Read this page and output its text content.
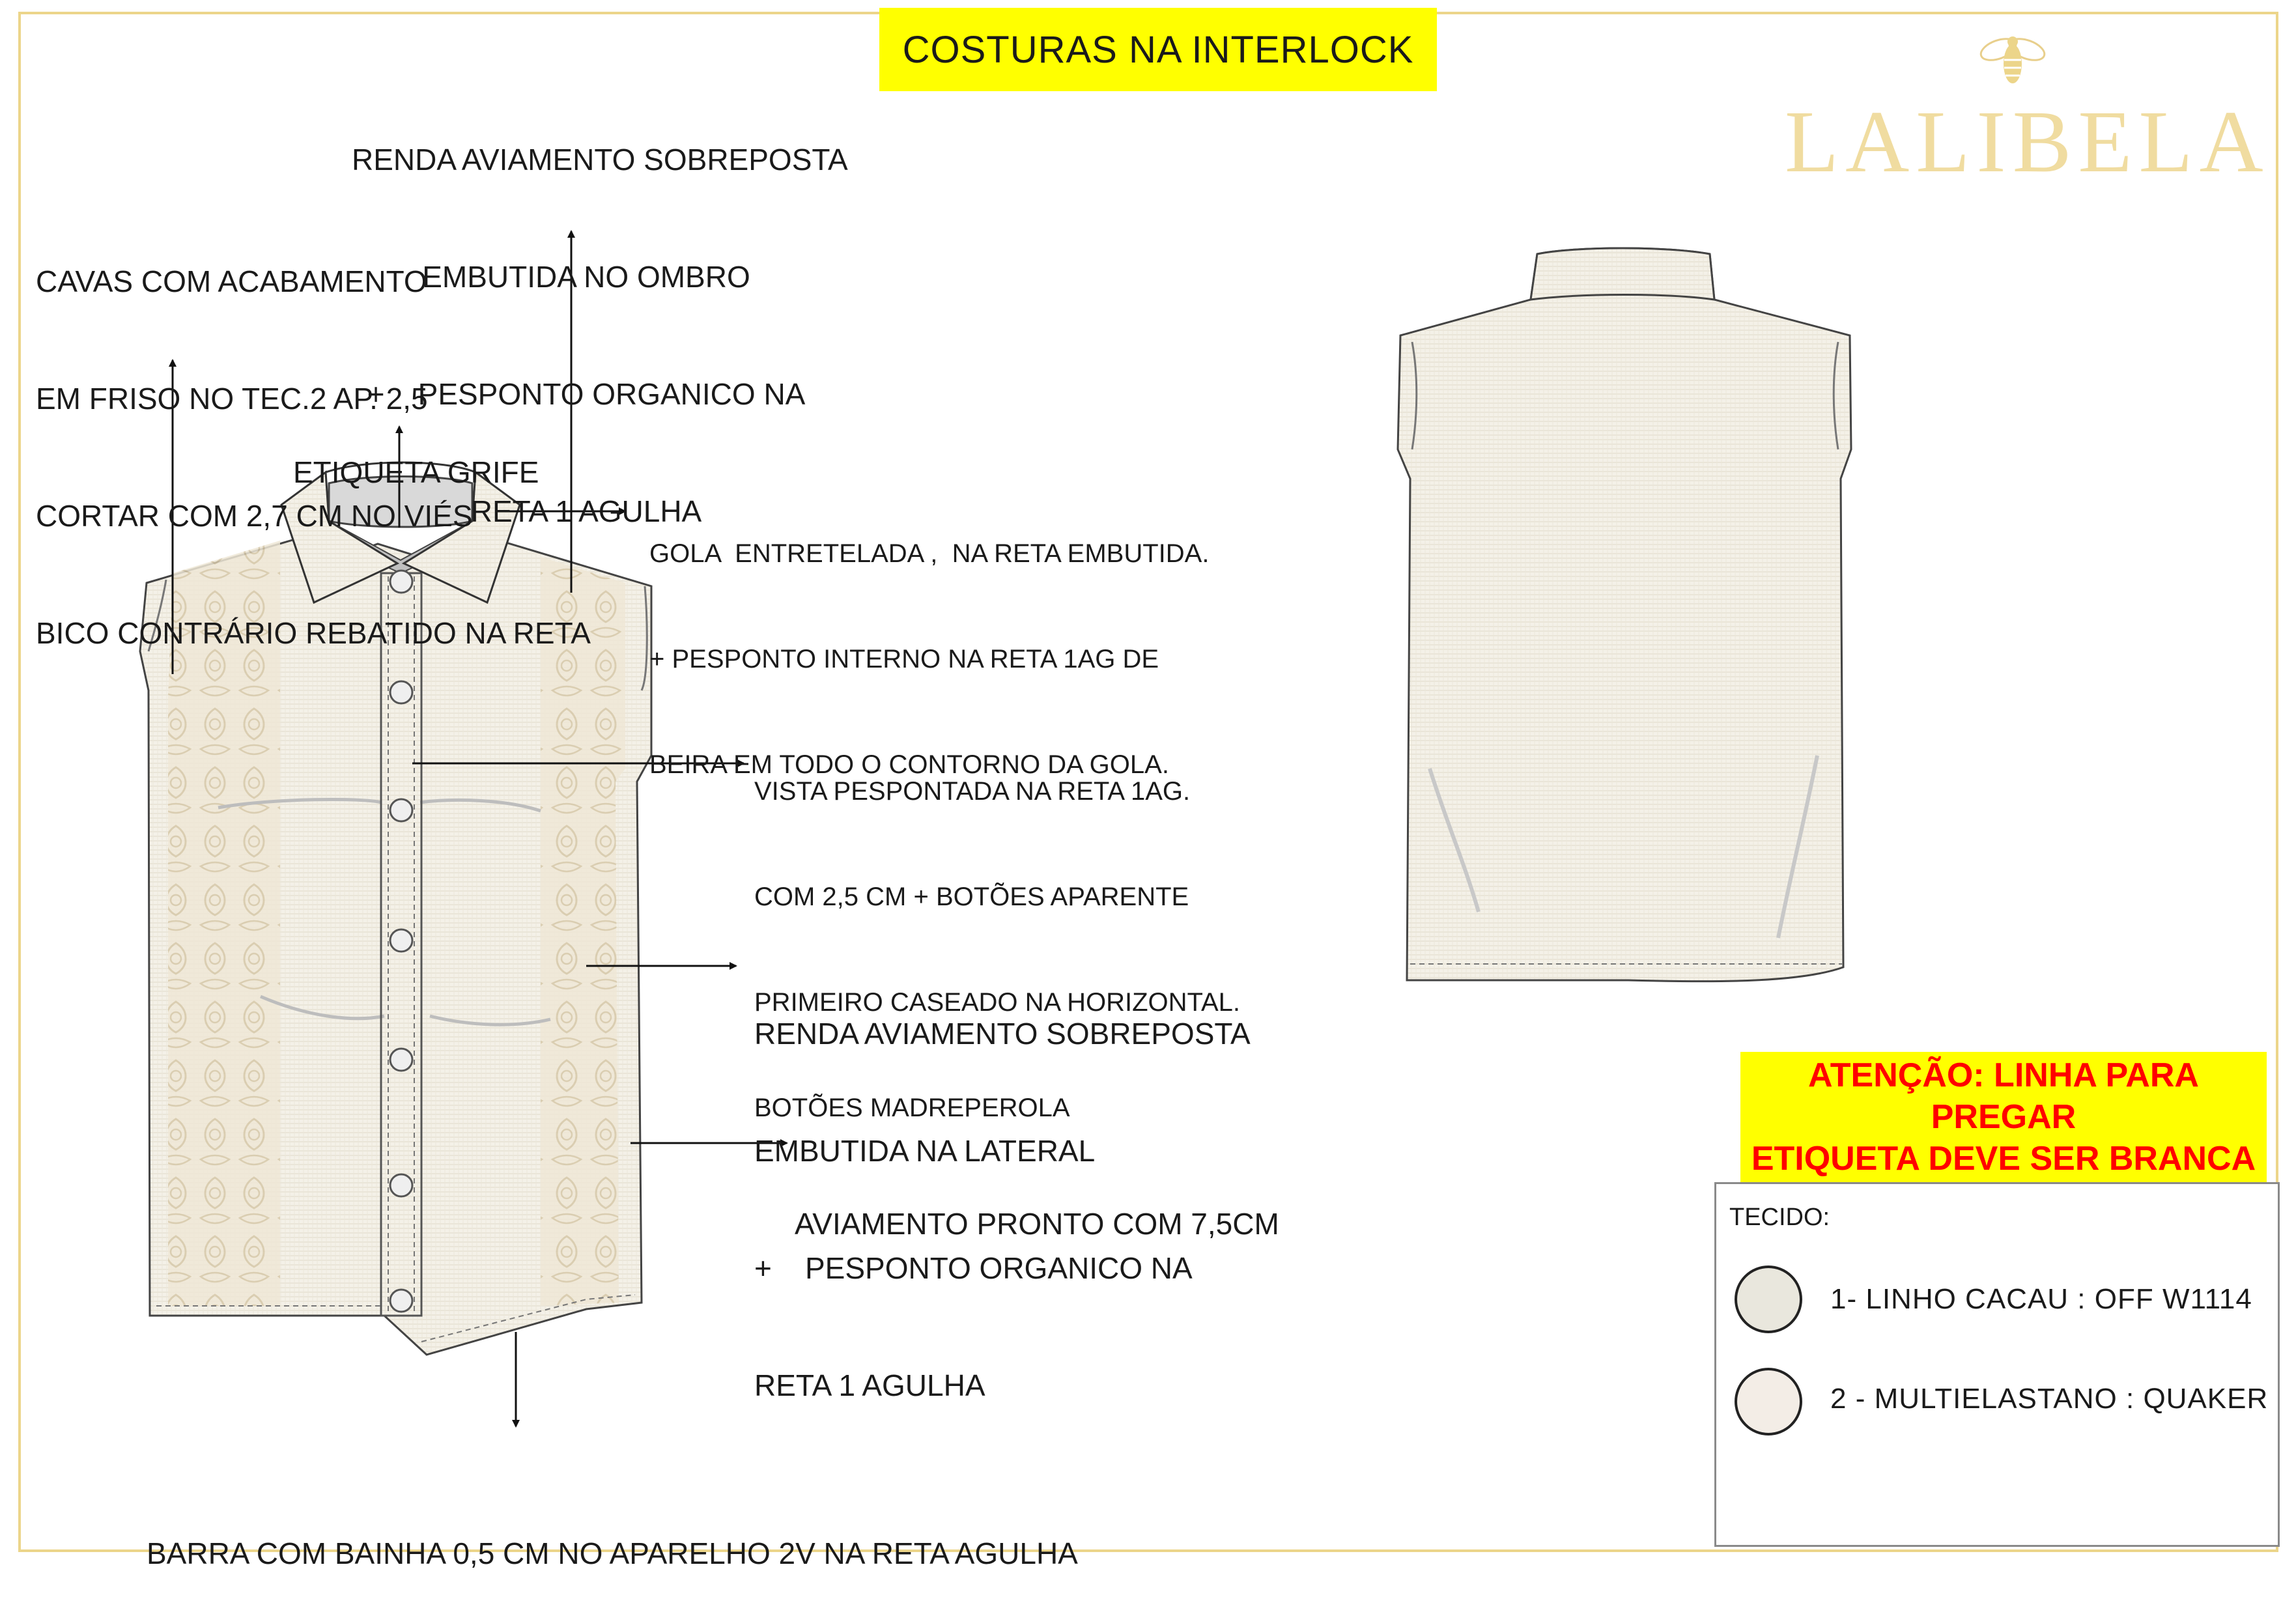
COSTURAS NA INTERLOCK
LALIBELA

RENDA AVIAMENTO SOBREPOSTA

EMBUTIDA NO OMBRO

+    PESPONTO ORGANICO NA

RETA 1 AGULHA

CAVAS COM ACABAMENTO

EM FRISO NO TEC.2 AP. 2,5

CORTAR COM 2,7 CM NO VIÉS

BICO CONTRÁRIO REBATIDO NA RETA

ETIQUETA GRIFE

GOLA  ENTRETELADA ,  NA RETA EMBUTIDA.

+ PESPONTO INTERNO NA RETA 1AG DE

BEIRA EM TODO O CONTORNO DA GOLA.

VISTA PESPONTADA NA RETA 1AG.

COM 2,5 CM + BOTÕES APARENTE

PRIMEIRO CASEADO NA HORIZONTAL.

BOTÕES MADREPEROLA

RENDA AVIAMENTO SOBREPOSTA

EMBUTIDA NA LATERAL

+    PESPONTO ORGANICO NA

RETA 1 AGULHA

AVIAMENTO PRONTO COM 7,5CM

BARRA COM BAINHA 0,5 CM NO APARELHO 2V NA RETA AGULHA

ATENÇÃO: LINHA PARA PREGAR
ETIQUETA DEVE SER BRANCA
TECIDO:
1- LINHO CACAU : OFF W1114
2 - MULTIELASTANO : QUAKER
